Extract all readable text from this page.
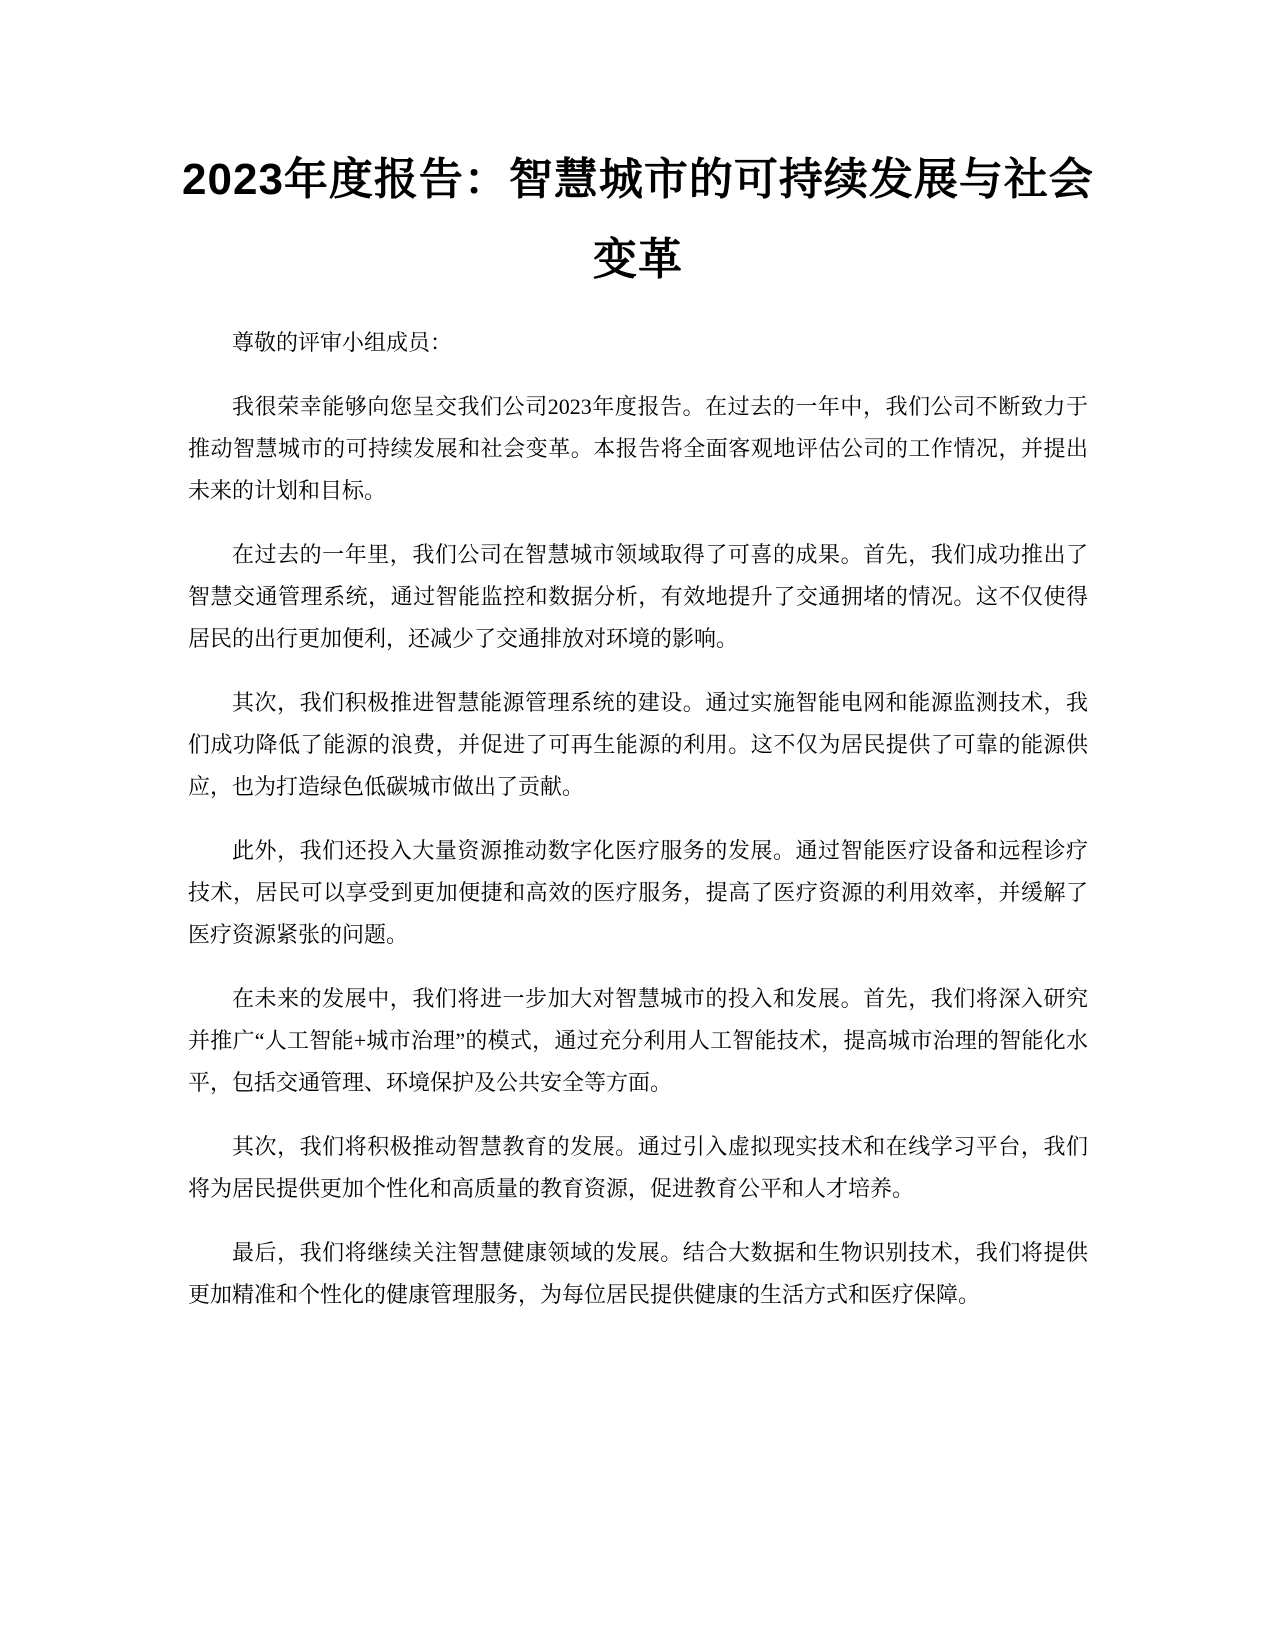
2023年度报告：智慧城市的可持续发展与社会变革

尊敬的评审小组成员：

我很荣幸能够向您呈交我们公司2023年度报告。在过去的一年中，我们公司不断致力于推动智慧城市的可持续发展和社会变革。本报告将全面客观地评估公司的工作情况，并提出未来的计划和目标。

在过去的一年里，我们公司在智慧城市领域取得了可喜的成果。首先，我们成功推出了智慧交通管理系统，通过智能监控和数据分析，有效地提升了交通拥堵的情况。这不仅使得居民的出行更加便利，还减少了交通排放对环境的影响。

其次，我们积极推进智慧能源管理系统的建设。通过实施智能电网和能源监测技术，我们成功降低了能源的浪费，并促进了可再生能源的利用。这不仅为居民提供了可靠的能源供应，也为打造绿色低碳城市做出了贡献。

此外，我们还投入大量资源推动数字化医疗服务的发展。通过智能医疗设备和远程诊疗技术，居民可以享受到更加便捷和高效的医疗服务，提高了医疗资源的利用效率，并缓解了医疗资源紧张的问题。

在未来的发展中，我们将进一步加大对智慧城市的投入和发展。首先，我们将深入研究并推广“人工智能+城市治理”的模式，通过充分利用人工智能技术，提高城市治理的智能化水平，包括交通管理、环境保护及公共安全等方面。

其次，我们将积极推动智慧教育的发展。通过引入虚拟现实技术和在线学习平台，我们将为居民提供更加个性化和高质量的教育资源，促进教育公平和人才培养。

最后，我们将继续关注智慧健康领域的发展。结合大数据和生物识别技术，我们将提供更加精准和个性化的健康管理服务，为每位居民提供健康的生活方式和医疗保障。
